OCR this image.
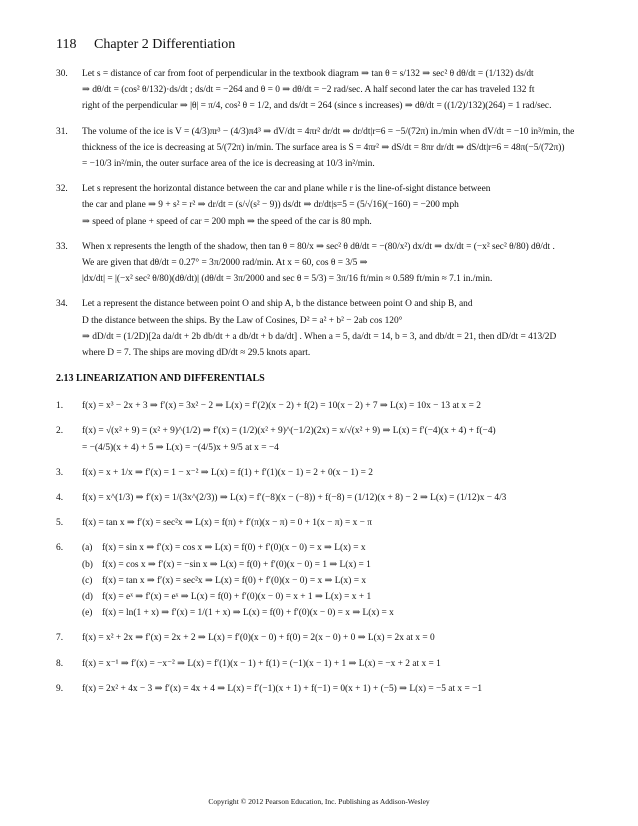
118 Chapter 2 Differentiation
30.	Let s = distance of car from foot of perpendicular in the textbook diagram ⇒ tan θ = s/132 ⇒ sec² θ dθ/dt = (1/132) ds/dt
⇒ dθ/dt = (cos² θ/132)·ds/dt ; ds/dt = −264 and θ = 0 ⇒ dθ/dt = −2 rad/sec. A half second later the car has traveled 132 ft
right of the perpendicular ⇒ |θ| = π/4, cos² θ = 1/2, and ds/dt = 264 (since s increases) ⇒ dθ/dt = ((1/2)/132)(264) = 1 rad/sec.
31.	The volume of the ice is V = (4/3)πr³ − (4/3)π4³ ⇒ dV/dt = 4πr² dr/dt ⇒ dr/dt|r=6 = −5/(72π) in./min when dV/dt = −10 in³/min, the
thickness of the ice is decreasing at 5/(72π) in/min. The surface area is S = 4πr² ⇒ dS/dt = 8πr dr/dt ⇒ dS/dt|r=6 = 48π(−5/(72π))
= −10/3 in²/min, the outer surface area of the ice is decreasing at 10/3 in²/min.
32.	Let s represent the horizontal distance between the car and plane while r is the line-of-sight distance between
the car and plane ⇒ 9 + s² = r² ⇒ dr/dt = (s/√(s² − 9)) ds/dt ⇒ dr/dt|s=5 = (5/√16)(−160) = −200 mph
⇒ speed of plane + speed of car = 200 mph ⇒ the speed of the car is 80 mph.
33.	When x represents the length of the shadow, then tan θ = 80/x ⇒ sec² θ dθ/dt = −(80/x²) dx/dt ⇒ dx/dt = (−x² sec² θ/80) dθ/dt .
We are given that dθ/dt = 0.27° = 3π/2000 rad/min. At x = 60, cos θ = 3/5 ⇒
|dx/dt| = |(−x² sec² θ/80)(dθ/dt)| (dθ/dt = 3π/2000 and sec θ = 5/3) = 3π/16 ft/min ≈ 0.589 ft/min ≈ 7.1 in./min.
34.	Let a represent the distance between point O and ship A, b the distance between point O and ship B, and
D the distance between the ships. By the Law of Cosines, D² = a² + b² − 2ab cos 120°
⇒ dD/dt = (1/2D)[2a da/dt + 2b db/dt + a db/dt + b da/dt] . When a = 5, da/dt = 14, b = 3, and db/dt = 21, then dD/dt = 413/2D
where D = 7. The ships are moving dD/dt ≈ 29.5 knots apart.
2.13 LINEARIZATION AND DIFFERENTIALS
1.	f(x) = x³ − 2x + 3 ⇒ f′(x) = 3x² − 2 ⇒ L(x) = f′(2)(x − 2) + f(2) = 10(x − 2) + 7 ⇒ L(x) = 10x − 13 at x = 2
2.	f(x) = √(x² + 9) = (x² + 9)^(1/2) ⇒ f′(x) = (1/2)(x² + 9)^(−1/2)(2x) = x/√(x² + 9) ⇒ L(x) = f′(−4)(x + 4) + f(−4)
= −(4/5)(x + 4) + 5 ⇒ L(x) = −(4/5)x + 9/5 at x = −4
3.	f(x) = x + 1/x ⇒ f′(x) = 1 − x⁻² ⇒ L(x) = f(1) + f′(1)(x − 1) = 2 + 0(x − 1) = 2
4.	f(x) = x^(1/3) ⇒ f′(x) = 1/(3x^(2/3)) ⇒ L(x) = f′(−8)(x − (−8)) + f(−8) = (1/12)(x + 8) − 2 ⇒ L(x) = (1/12)x − 4/3
5.	f(x) = tan x ⇒ f′(x) = sec²x ⇒ L(x) = f(π) + f′(π)(x − π) = 0 + 1(x − π) = x − π
6.	(a)	f(x) = sin x ⇒ f′(x) = cos x ⇒ L(x) = f(0) + f′(0)(x − 0) = x ⇒ L(x) = x
(b) f(x) = cos x ⇒ f′(x) = −sin x ⇒ L(x) = f(0) + f′(0)(x − 0) = 1 ⇒ L(x) = 1
(c)	f(x) = tan x ⇒ f′(x) = sec²x ⇒ L(x) = f(0) + f′(0)(x − 0) = x ⇒ L(x) = x
(d) f(x) = eˣ ⇒ f′(x) = eˣ ⇒ L(x) = f(0) + f′(0)(x − 0) = x + 1 ⇒ L(x) = x + 1
(e)	f(x) = ln(1 + x) ⇒ f′(x) = 1/(1 + x) ⇒ L(x) = f(0) + f′(0)(x − 0) = x ⇒ L(x) = x
7.	f(x) = x² + 2x ⇒ f′(x) = 2x + 2 ⇒ L(x) = f′(0)(x − 0) + f(0) = 2(x − 0) + 0 ⇒ L(x) = 2x at x = 0
8.	f(x) = x⁻¹ ⇒ f′(x) = −x⁻² ⇒ L(x) = f′(1)(x − 1) + f(1) = (−1)(x − 1) + 1 ⇒ L(x) = −x + 2 at x = 1
9.	f(x) = 2x² + 4x − 3 ⇒ f′(x) = 4x + 4 ⇒ L(x) = f′(−1)(x + 1) + f(−1) = 0(x + 1) + (−5) ⇒ L(x) = −5 at x = −1
Copyright © 2012 Pearson Education, Inc. Publishing as Addison-Wesley
